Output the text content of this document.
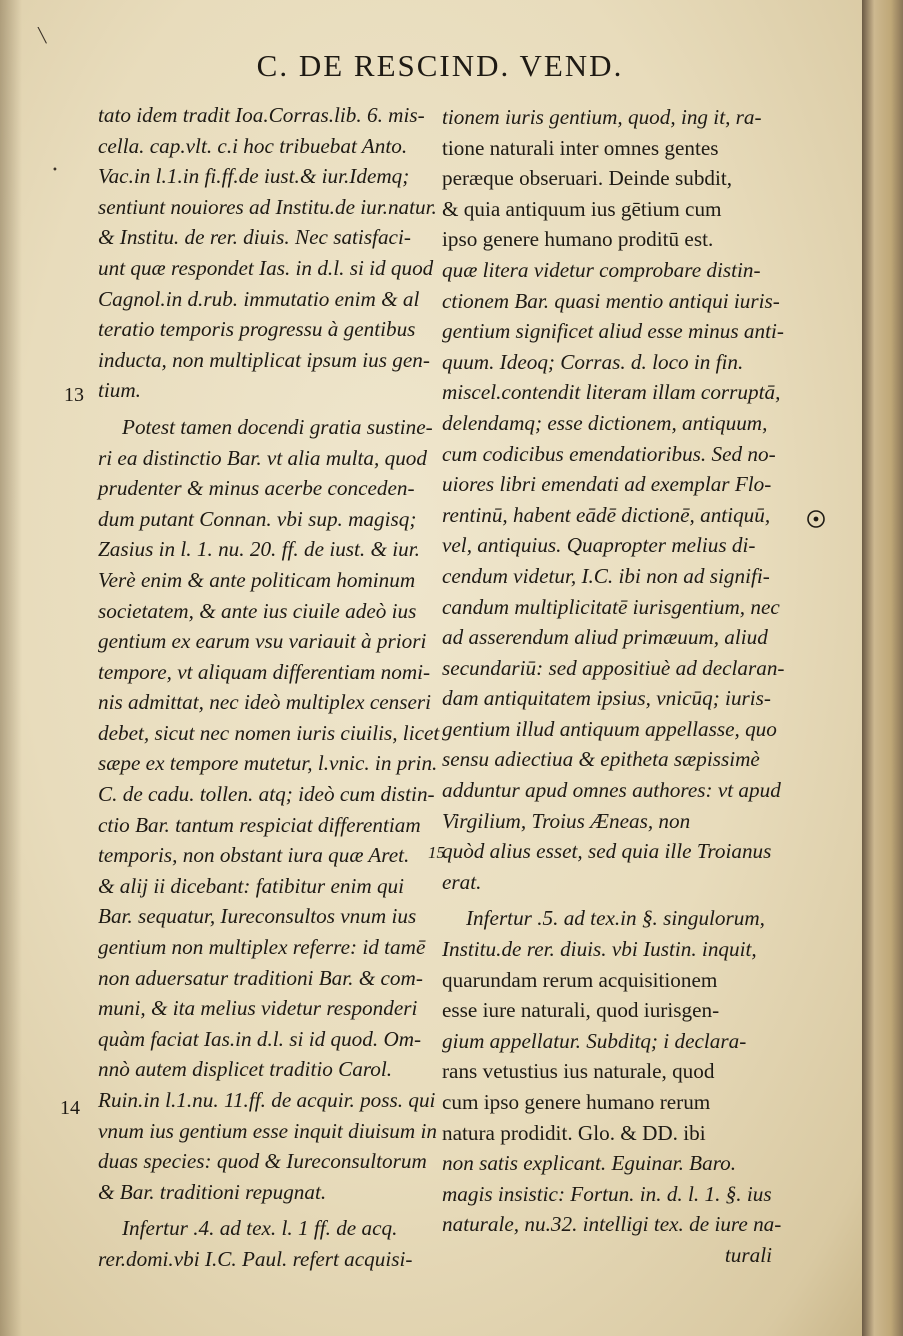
╲
•
C. DE RESCIND. VEND.
13
14
15
tato idem tradit Ioa.Corras.lib. 6. mis-
cella. cap.vlt. c.i hoc tribuebat Anto.
Vac.in l.1.in fi.ff.de iust.& iur.Idemq;
sentiunt nouiores ad Institu.de iur.natur.
& Institu. de rer. diuis. Nec satisfaci-
unt quæ respondet Ias. in d.l. si id quod
Cagnol.in d.rub. immutatio enim & al
teratio temporis progressu à gentibus
inducta, non multiplicat ipsum ius gen-
tium.
Potest tamen docendi gratia sustine-
ri ea distinctio Bar. vt alia multa, quod
prudenter & minus acerbe conceden-
dum putant Connan. vbi sup. magisq;
Zasius in l. 1. nu. 20. ff. de iust. & iur.
Verè enim & ante politicam hominum
societatem, & ante ius ciuile adeò ius
gentium ex earum vsu variauit à priori
tempore, vt aliquam differentiam nomi-
nis admittat, nec ideò multiplex censeri
debet, sicut nec nomen iuris ciuilis, licet
sæpe ex tempore mutetur, l.vnic. in prin.
C. de cadu. tollen. atq; ideò cum distin-
ctio Bar. tantum respiciat differentiam
temporis, non obstant iura quæ Aret.
& alij ii dicebant: fatibitur enim qui
Bar. sequatur, Iureconsultos vnum ius
gentium non multiplex referre: id tamē
non aduersatur traditioni Bar. & com-
muni, & ita melius videtur responderi
quàm faciat Ias.in d.l. si id quod. Om-
nnò autem displicet traditio Carol.
Ruin.in l.1.nu. 11.ff. de acquir. poss. qui
vnum ius gentium esse inquit diuisum in
duas species: quod & Iureconsultorum
& Bar. traditioni repugnat.
Infertur .4. ad tex. l. 1 ff. de acq.
rer.domi.vbi I.C. Paul. refert acquisi-
tionem iuris gentium, quod, ing it, ra-
tione naturali inter omnes gentes
peræque obseruari. Deinde subdit,
& quia antiquum ius gētium cum
ipso genere humano proditū est.
quæ litera videtur comprobare distin-
ctionem Bar. quasi mentio antiqui iuris-
gentium significet aliud esse minus anti-
quum. Ideoq; Corras. d. loco in fin.
miscel.contendit literam illam corruptā,
delendamq; esse dictionem, antiquum,
cum codicibus emendatioribus. Sed no-
uiores libri emendati ad exemplar Flo-
rentinū, habent eādē dictionē, antiquū,
vel, antiquius. Quapropter melius di-
cendum videtur, I.C. ibi non ad signifi-
candum multiplicitatē iurisgentium, nec
ad asserendum aliud primæuum, aliud
secundariū: sed appositiuè ad declaran-
dam antiquitatem ipsius, vnicūq; iuris-
gentium illud antiquum appellasse, quo
sensu adiectiua & epitheta sæpissimè
adduntur apud omnes authores: vt apud
Virgilium, Troius Æneas, non
quòd alius esset, sed quia ille Troianus
erat.
Infertur .5. ad tex.in §. singulorum,
Institu.de rer. diuis. vbi Iustin. inquit,
quarundam rerum acquisitionem
esse iure naturali, quod iurisgen-
gium appellatur. Subditq; i declara-
rans vetustius ius naturale, quod
cum ipso genere humano rerum
natura prodidit. Glo. & DD. ibi
non satis explicant. Eguinar. Baro.
magis insistic: Fortun. in. d. l. 1. §. ius
naturale, nu.32. intelligi tex. de iure na-
turali
